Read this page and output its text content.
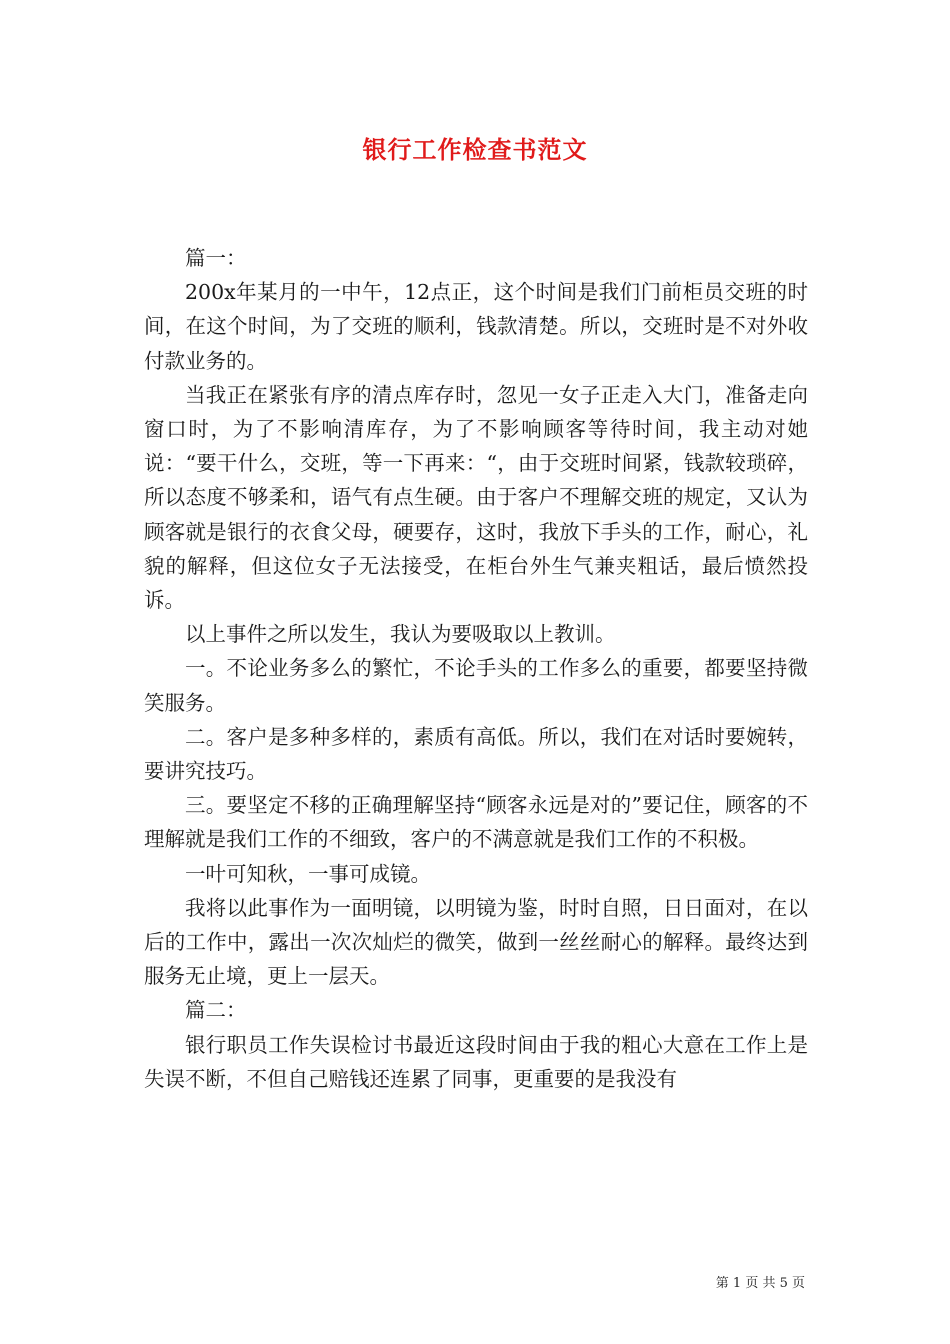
银行工作检查书范文

篇一：

200x年某月的一中午，12点正，这个时间是我们门前柜员交班的时间，在这个时间，为了交班的顺利，钱款清楚。所以，交班时是不对外收付款业务的。

当我正在紧张有序的清点库存时，忽见一女子正走入大门，准备走向窗口时，为了不影响清库存，为了不影响顾客等待时间，我主动对她说：“要干什么，交班，等一下再来：“，由于交班时间紧，钱款较琐碎，所以态度不够柔和，语气有点生硬。由于客户不理解交班的规定，又认为顾客就是银行的衣食父母，硬要存，这时，我放下手头的工作，耐心，礼貌的解释，但这位女子无法接受，在柜台外生气兼夹粗话，最后愤然投诉。

以上事件之所以发生，我认为要吸取以上教训。

一。不论业务多么的繁忙，不论手头的工作多么的重要，都要坚持微笑服务。

二。客户是多种多样的，素质有高低。所以，我们在对话时要婉转，要讲究技巧。

三。要坚定不移的正确理解坚持“顾客永远是对的”要记住，顾客的不理解就是我们工作的不细致，客户的不满意就是我们工作的不积极。

一叶可知秋，一事可成镜。

我将以此事作为一面明镜，以明镜为鉴，时时自照，日日面对，在以后的工作中，露出一次次灿烂的微笑，做到一丝丝耐心的解释。最终达到服务无止境，更上一层天。

篇二：

银行职员工作失误检讨书最近这段时间由于我的粗心大意在工作上是失误不断，不但自己赔钱还连累了同事，更重要的是我没有

第 1 页 共 5 页
